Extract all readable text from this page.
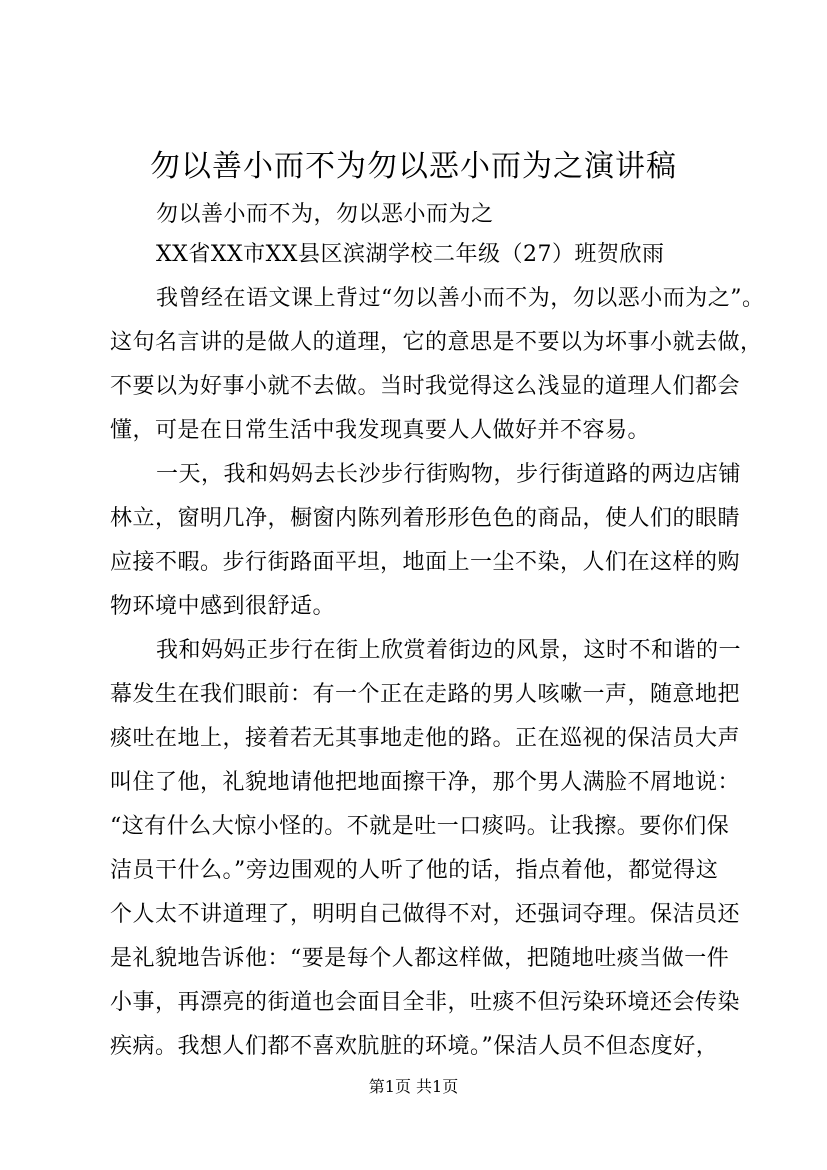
勿以善小而不为勿以恶小而为之演讲稿
勿以善小而不为，勿以恶小而为之
XX省XX市XX县区滨湖学校二年级（27）班贺欣雨
我曾经在语文课上背过“勿以善小而不为，勿以恶小而为之”。
这句名言讲的是做人的道理，它的意思是不要以为坏事小就去做，
不要以为好事小就不去做。当时我觉得这么浅显的道理人们都会
懂，可是在日常生活中我发现真要人人做好并不容易。
一天，我和妈妈去长沙步行街购物，步行街道路的两边店铺
林立，窗明几净，橱窗内陈列着形形色色的商品，使人们的眼睛
应接不暇。步行街路面平坦，地面上一尘不染，人们在这样的购
物环境中感到很舒适。
我和妈妈正步行在街上欣赏着街边的风景，这时不和谐的一
幕发生在我们眼前：有一个正在走路的男人咳嗽一声，随意地把
痰吐在地上，接着若无其事地走他的路。正在巡视的保洁员大声
叫住了他，礼貌地请他把地面擦干净，那个男人满脸不屑地说：
“这有什么大惊小怪的。不就是吐一口痰吗。让我擦。要你们保
洁员干什么。”旁边围观的人听了他的话，指点着他，都觉得这
个人太不讲道理了，明明自己做得不对，还强词夺理。保洁员还
是礼貌地告诉他：“要是每个人都这样做，把随地吐痰当做一件
小事，再漂亮的街道也会面目全非，吐痰不但污染环境还会传染
疾病。我想人们都不喜欢肮脏的环境。”保洁人员不但态度好，
第1页 共1页
